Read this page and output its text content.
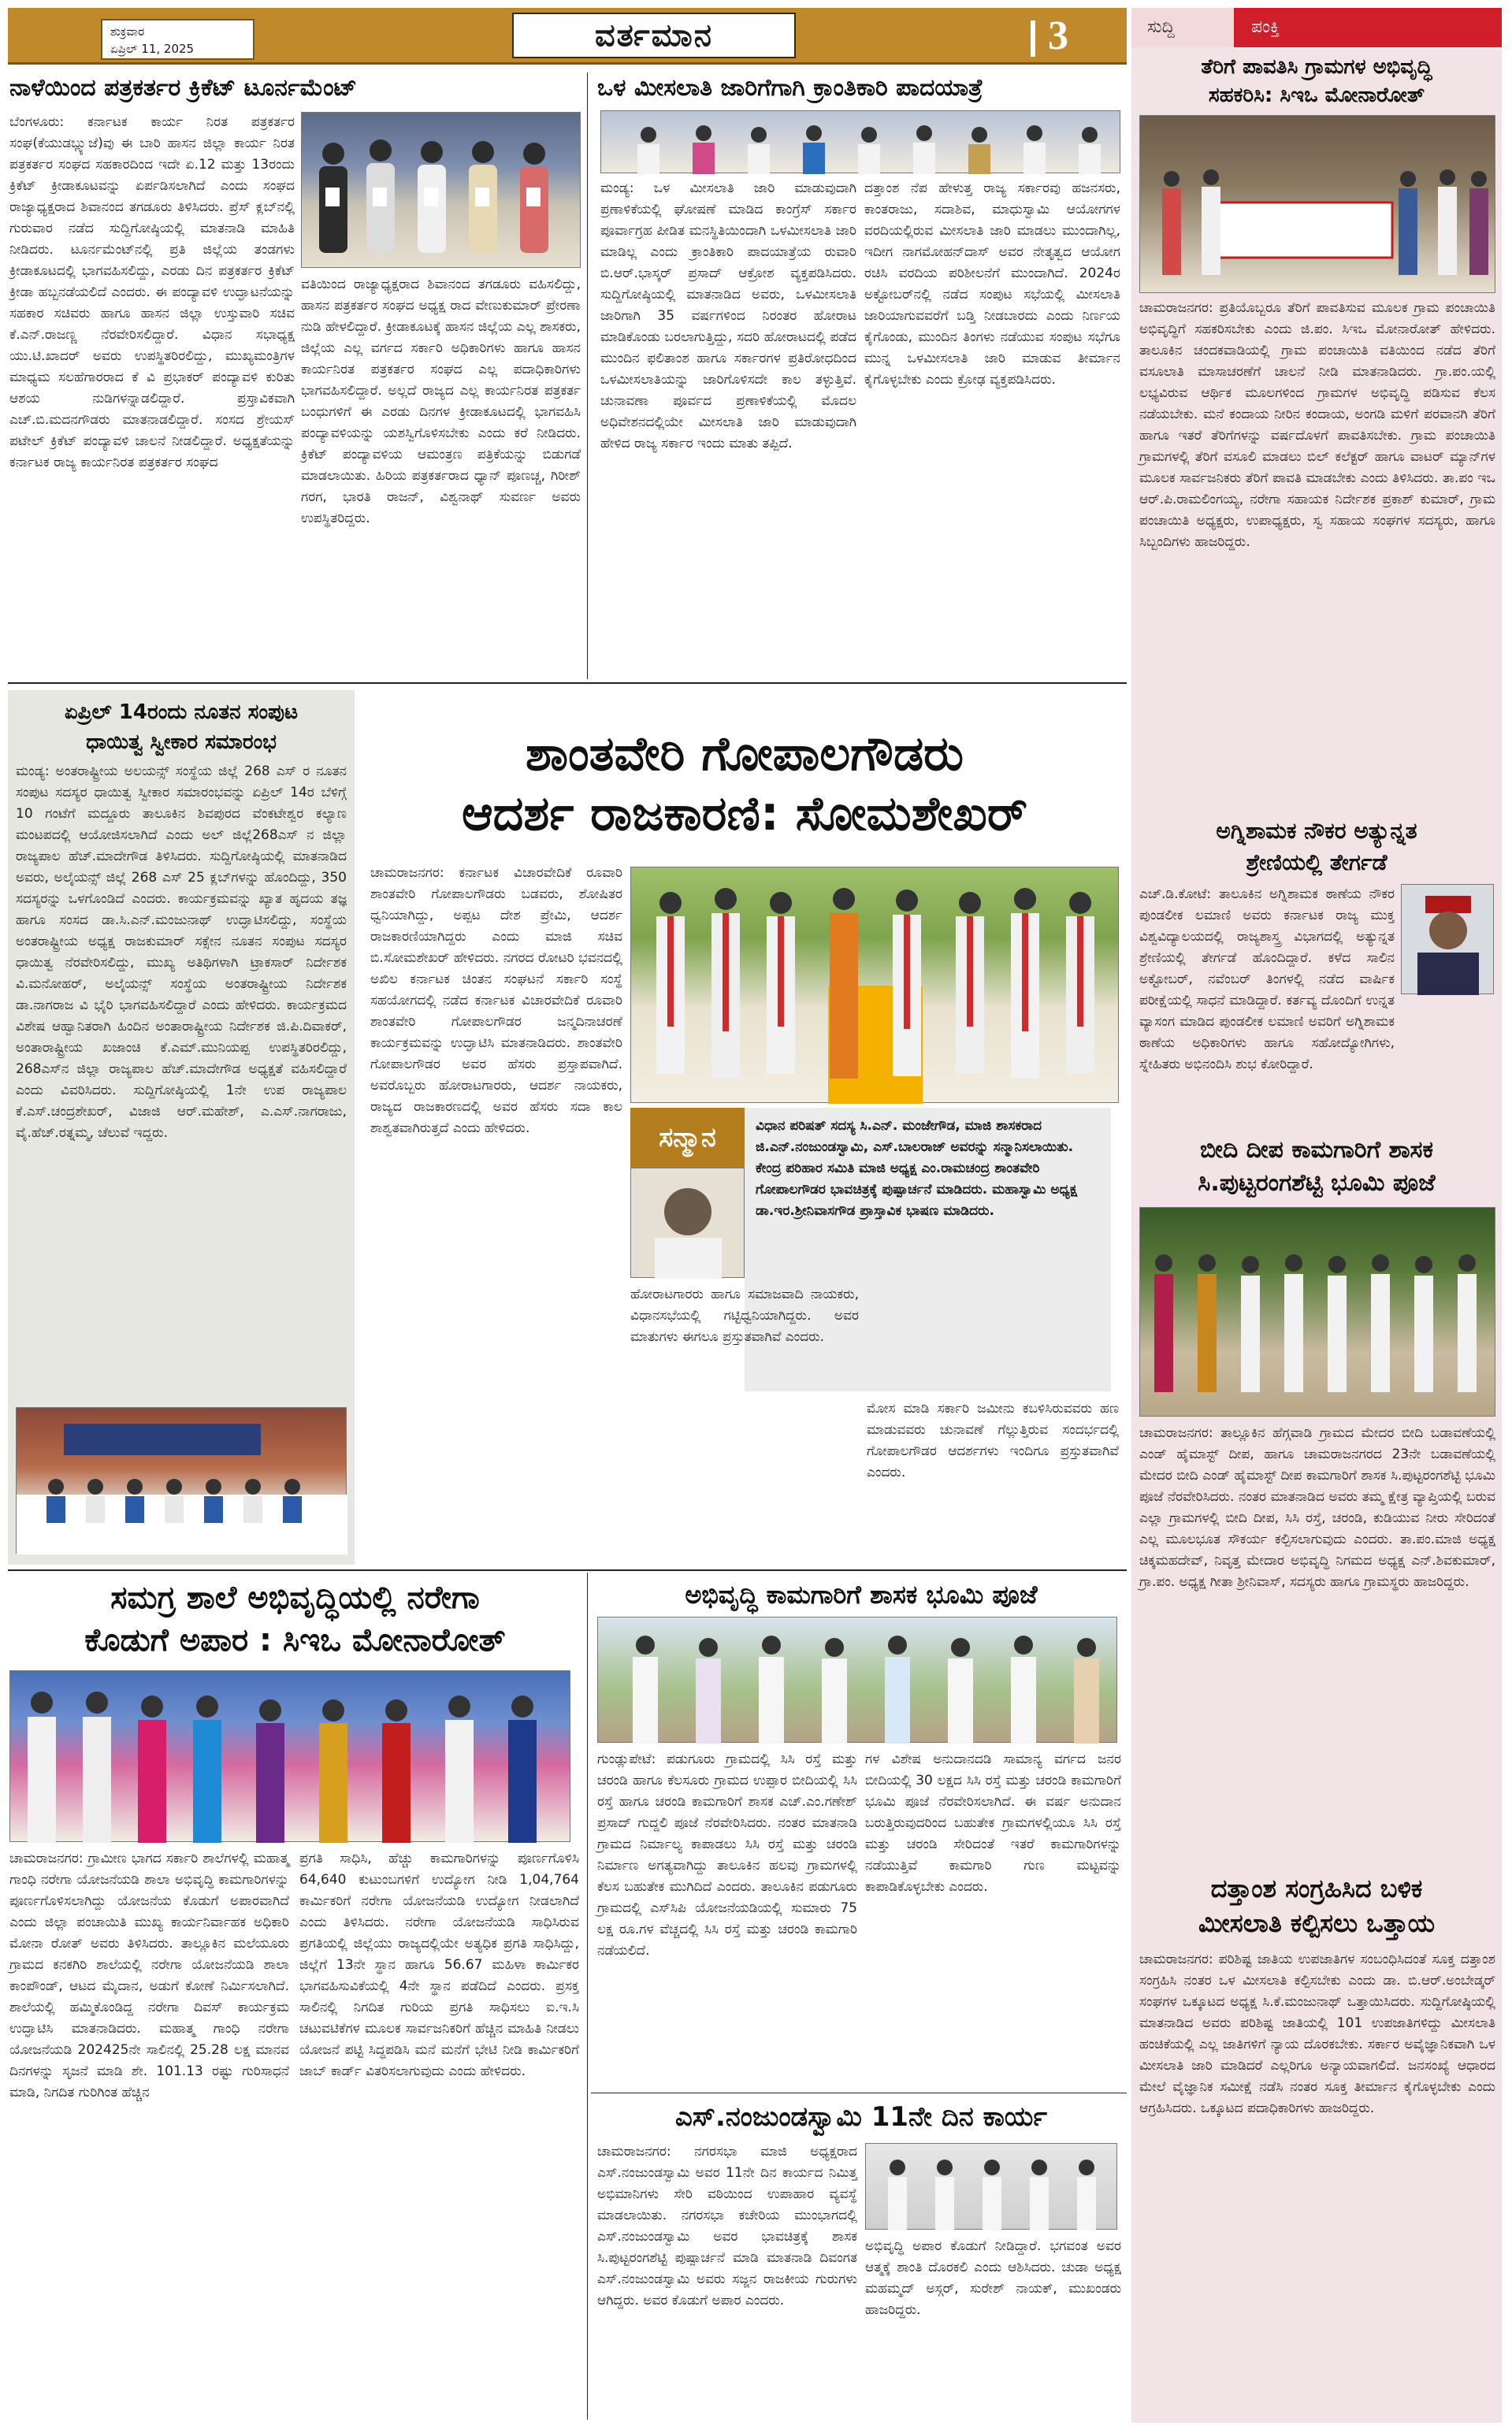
ಶುಕ್ರವಾರ
ಏಪ್ರಿಲ್ 11, 2025	ವರ್ತಮಾನ	3	ಸುದ್ದಿ	ಪಂಕ್ತಿ
ನಾಳೆಯಿಂದ ಪತ್ರಕರ್ತರ ಕ್ರಿಕೆಟ್ ಟೂರ್ನಮೆಂಟ್
ಬೆಂಗಳೂರು: ಕರ್ನಾಟಕ ಕಾರ್ಯ ನಿರತ ಪತ್ರಕರ್ತರ ಸಂಘ(ಕೆಯುಡಬ್ಲ್ಯುಜೆ)ವು ಈ ಬಾರಿ ಹಾಸನ ಜಿಲ್ಲಾ ಕಾರ್ಯ ನಿರತ ಪತ್ರಕರ್ತರ ಸಂಘದ ಸಹಕಾರದಿಂದ ಇದೇ ಏ.12 ಮತ್ತು 13ರಂದು ಕ್ರಿಕೆಟ್ ಕ್ರೀಡಾಕೂಟವನ್ನು ಏರ್ಪಡಿಸಲಾಗಿದೆ ಎಂದು ಸಂಘದ ರಾಜ್ಯಾಧ್ಯಕ್ಷರಾದ ಶಿವಾನಂದ ತಗಡೂರು ತಿಳಿಸಿದರು. ಪ್ರೆಸ್ ಕ್ಲಬ್‌ನಲ್ಲಿ ಗುರುವಾರ ನಡೆದ ಸುದ್ದಿಗೋಷ್ಠಿಯಲ್ಲಿ ಮಾತನಾಡಿ ಮಾಹಿತಿ ನೀಡಿದರು. ಟೂರ್ನಮೆಂಟ್‌ನಲ್ಲಿ ಪ್ರತಿ ಜಿಲ್ಲೆಯ ತಂಡಗಳು ಕ್ರೀಡಾಕೂಟದಲ್ಲಿ ಭಾಗವಹಿಸಲಿದ್ದು, ಎರಡು ದಿನ ಪತ್ರಕರ್ತರ ಕ್ರಿಕೆಟ್ ಕ್ರೀಡಾ ಹಬ್ಬನಡೆಯಲಿದೆ ಎಂದರು. ಈ ಪಂದ್ಯಾವಳಿ ಉದ್ಘಾಟನೆಯನ್ನು ಸಹಕಾರ ಸಚಿವರು ಹಾಗೂ ಹಾಸನ ಜಿಲ್ಲಾ ಉಸ್ತುವಾರಿ ಸಚಿವ ಕೆ.ಎನ್.ರಾಜಣ್ಣ ನೆರವೇರಿಸಲಿದ್ದಾರೆ. ವಿಧಾನ ಸಭಾಧ್ಯಕ್ಷ ಯು.ಟಿ.ಖಾದರ್ ಅವರು ಉಪಸ್ಥಿತರಿರಲಿದ್ದು, ಮುಖ್ಯಮಂತ್ರಿಗಳ ಮಾಧ್ಯಮ ಸಲಹೆಗಾರರಾದ ಕೆ ವಿ ಪ್ರಭಾಕರ್ ಪಂದ್ಯಾವಳಿ ಕುರಿತು ಆಶಯ ನುಡಿಗಳನ್ನಾಡಲಿದ್ದಾರೆ. ಪ್ರಸ್ತಾವಿಕವಾಗಿ ಎಚ್.ಬಿ.ಮದನಗೌಡರು ಮಾತನಾಡಲಿದ್ದಾರೆ. ಸಂಸದ ಶ್ರೇಯಸ್ ಪಟೇಲ್ ಕ್ರಿಕೆಟ್ ಪಂದ್ಯಾವಳಿ ಚಾಲನೆ ನೀಡಲಿದ್ದಾರೆ. ಅಧ್ಯಕ್ಷತೆಯನ್ನು ಕರ್ನಾಟಕ ರಾಜ್ಯ ಕಾರ್ಯನಿರತ ಪತ್ರಕರ್ತರ ಸಂಘದ
ವತಿಯಿಂದ ರಾಜ್ಯಾಧ್ಯಕ್ಷರಾದ ಶಿವಾನಂದ ತಗಡೂರು ವಹಿಸಲಿದ್ದು, ಹಾಸನ ಪತ್ರಕರ್ತರ ಸಂಘದ ಅಧ್ಯಕ್ಷ ರಾದ ವೇಣುಕುಮಾರ್ ಪ್ರೇರಣಾ ನುಡಿ ಹೇಳಲಿದ್ದಾರೆ. ಕ್ರೀಡಾಕೂಟಕ್ಕೆ ಹಾಸನ ಜಿಲ್ಲೆಯ ಎಲ್ಲ ಶಾಸಕರು, ಜಿಲ್ಲೆಯ ಎಲ್ಲ ವರ್ಗದ ಸರ್ಕಾರಿ ಅಧಿಕಾರಿಗಳು ಹಾಗೂ ಹಾಸನ ಕಾರ್ಯನಿರತ ಪತ್ರಕರ್ತರ ಸಂಘದ ಎಲ್ಲ ಪದಾಧಿಕಾರಿಗಳು ಭಾಗವಹಿಸಲಿದ್ದಾರೆ. ಅಲ್ಲದೆ ರಾಜ್ಯದ ಎಲ್ಲ ಕಾರ್ಯನಿರತ ಪತ್ರಕರ್ತ ಬಂಧುಗಳಿಗೆ ಈ ಎರಡು ದಿನಗಳ ಕ್ರೀಡಾಕೂಟದಲ್ಲಿ ಭಾಗವಹಿಸಿ ಪಂದ್ಯಾವಳಿಯನ್ನು ಯಶಸ್ವಿಗೊಳಿಸಬೇಕು ಎಂದು ಕರೆ ನೀಡಿದರು. ಕ್ರಿಕೆಟ್ ಪಂದ್ಯಾವಳಿಯ ಆಮಂತ್ರಣ ಪತ್ರಿಕೆಯನ್ನು ಬಿಡುಗಡೆ ಮಾಡಲಾಯಿತು. ಹಿರಿಯ ಪತ್ರಕರ್ತರಾದ ಧ್ಯಾನ್ ಪೂಣಚ್ಚ, ಗಿರೀಶ್ ಗರಗ, ಭಾರತಿ ರಾಜನ್, ವಿಶ್ವನಾಥ್ ಸುವರ್ಣ ಅವರು ಉಪಸ್ಥಿತರಿದ್ದರು.
ಒಳ ಮೀಸಲಾತಿ ಜಾರಿಗೆಗಾಗಿ ಕ್ರಾಂತಿಕಾರಿ ಪಾದಯಾತ್ರೆ
ಮಂಡ್ಯ: ಒಳ ಮೀಸಲಾತಿ ಜಾರಿ ಮಾಡುವುದಾಗಿ ಪ್ರಣಾಳಿಕೆಯಲ್ಲಿ ಘೋಷಣೆ ಮಾಡಿದ ಕಾಂಗ್ರೆಸ್ ಸರ್ಕಾರ ಪೂರ್ವಾಗ್ರಹ ಪೀಡಿತ ಮನಸ್ಥಿತಿಯಿಂದಾಗಿ ಒಳಮೀಸಲಾತಿ ಜಾರಿ ಮಾಡಿಲ್ಲ ಎಂದು ಕ್ರಾಂತಿಕಾರಿ ಪಾದಯಾತ್ರೆಯ ರುವಾರಿ ಬಿ.ಆರ್.ಭಾಸ್ಕರ್ ಪ್ರಸಾದ್ ಆಕ್ರೋಶ ವ್ಯಕ್ತಪಡಿಸಿದರು. ಸುದ್ದಿಗೋಷ್ಠಿಯಲ್ಲಿ ಮಾತನಾಡಿದ ಅವರು, ಒಳಮೀಸಲಾತಿ ಜಾರಿಗಾಗಿ 35 ವರ್ಷಗಳಿಂದ ನಿರಂತರ ಹೋರಾಟ ಮಾಡಿಕೊಂಡು ಬರಲಾಗುತ್ತಿದ್ದು, ಸದರಿ ಹೋರಾಟದಲ್ಲಿ ಪಡೆದ ಮುಂದಿನ ಫಲಿತಾಂಶ ಹಾಗೂ ಸರ್ಕಾರಗಳ ಪ್ರತಿರೋಧದಿಂದ ಒಳಮೀಸಲಾತಿಯನ್ನು ಜಾರಿಗೊಳಿಸದೇ ಕಾಲ ತಳ್ಳುತ್ತಿವೆ. ಚುನಾವಣಾ ಪೂರ್ವದ ಪ್ರಣಾಳಿಕೆಯಲ್ಲಿ ಮೊದಲ ಅಧಿವೇಶನದಲ್ಲಿಯೇ ಮೀಸಲಾತಿ ಜಾರಿ ಮಾಡುವುದಾಗಿ ಹೇಳಿದ ರಾಜ್ಯ ಸರ್ಕಾರ ಇಂದು ಮಾತು ತಪ್ಪಿದೆ.
ದತ್ತಾಂಶ ನೆಪ ಹೇಳುತ್ತ ರಾಜ್ಯ ಸರ್ಕಾರವು ಹಜನಸರು, ಕಾಂತರಾಜು, ಸದಾಶಿವ, ಮಾಧುಸ್ವಾಮಿ ಆಯೋಗಗಳ ವರದಿಯಲ್ಲಿರುವ ಮೀಸಲಾತಿ ಜಾರಿ ಮಾಡಲು ಮುಂದಾಗಿಲ್ಲ, ಇದೀಗ ನಾಗಮೋಹನ್‌ದಾಸ್ ಅವರ ನೇತೃತ್ವದ ಆಯೋಗ ರಚಿಸಿ ವರದಿಯ ಪರಿಶೀಲನೆಗೆ ಮುಂದಾಗಿದೆ. 2024ರ ಅಕ್ಟೋಬರ್‌ನಲ್ಲಿ ನಡೆದ ಸಂಪುಟ ಸಭೆಯಲ್ಲಿ ಮೀಸಲಾತಿ ಜಾರಿಯಾಗುವವರೆಗೆ ಬಡ್ತಿ ನೀಡಬಾರದು ಎಂದು ನಿರ್ಣಯ ಕೈಗೊಂಡು, ಮುಂದಿನ ತಿಂಗಳು ನಡೆಯುವ ಸಂಪುಟ ಸಭೆಗೂ ಮುನ್ನ ಒಳಮೀಸಲಾತಿ ಜಾರಿ ಮಾಡುವ ತೀರ್ಮಾನ ಕೈಗೊಳ್ಳಬೇಕು ಎಂದು ಕ್ರೋಢ ವ್ಯಕ್ತಪಡಿಸಿದರು.
ಏಪ್ರಿಲ್ 14ರಂದು ನೂತನ ಸಂಪುಟ
ಧಾಯಿತ್ವ ಸ್ವೀಕಾರ ಸಮಾರಂಭ
ಮಂಡ್ಯ: ಅಂತರಾಷ್ಟ್ರೀಯ ಅಲಯನ್ಸ್ ಸಂಸ್ಥೆಯ ಜಿಲ್ಲೆ 268 ಎಸ್ ರ ನೂತನ ಸಂಪುಟ ಸದಸ್ಯರ ಧಾಯಿತ್ವ ಸ್ವೀಕಾರ ಸಮಾರಂಭವನ್ನು ಏಪ್ರಿಲ್ 14ರ ಬೆಳಿಗ್ಗೆ 10 ಗಂಟೆಗೆ ಮದ್ದೂರು ತಾಲೂಕಿನ ಶಿವಪುರದ ವೆಂಕಟೇಶ್ವರ ಕಲ್ಯಾಣ ಮಂಟಪದಲ್ಲಿ ಆಯೋಜಿಸಲಾಗಿದೆ ಎಂದು ಅಲ್ ಜಿಲ್ಲೆ268ಎಸ್ ನ ಜಿಲ್ಲಾ ರಾಜ್ಯಪಾಲ ಹೆಚ್.ಮಾದೇಗೌಡ ತಿಳಿಸಿದರು. ಸುದ್ದಿಗೋಷ್ಠಿಯಲ್ಲಿ ಮಾತನಾಡಿದ ಅವರು, ಅಲೈಯನ್ಸ್ ಜಿಲ್ಲೆ 268 ಎಸ್ 25 ಕ್ಲಬ್‌ಗಳನ್ನು ಹೊಂದಿದ್ದು, 350 ಸದಸ್ಯರನ್ನು ಒಳಗೊಂಡಿದೆ ಎಂದರು. ಕಾರ್ಯಕ್ರಮವನ್ನು ಖ್ಯಾತ ಹೃದಯ ತಜ್ಞ ಹಾಗೂ ಸಂಸದ ಡಾ.ಸಿ.ಎನ್.ಮಂಜುನಾಥ್ ಉದ್ಘಾಟಿಸಲಿದ್ದು, ಸಂಸ್ಥೆಯ ಅಂತರಾಷ್ಟ್ರೀಯ ಅಧ್ಯಕ್ಷ ರಾಜಕುಮಾರ್ ಸಕ್ಸೇನ ನೂತನ ಸಂಪುಟ ಸದಸ್ಯರ ಧಾಯಿತ್ವ ನೆರವೇರಿಸಲಿದ್ದು, ಮುಖ್ಯ ಅತಿಥಿಗಳಾಗಿ ಟ್ರಾಕಸಾರ್ ನಿರ್ದೇಶಕ ವಿ.ಮನೋಹರ್, ಅಲೈಯನ್ಸ್ ಸಂಸ್ಥೆಯ ಅಂತರಾಷ್ಟ್ರೀಯ ನಿರ್ದೇಶಕ ಡಾ.ನಾಗರಾಜ ವಿ ಭೈರಿ ಭಾಗವಹಿಸಲಿದ್ದಾರೆ ಎಂದು ಹೇಳಿದರು. ಕಾರ್ಯಕ್ರಮದ ವಿಶೇಷ ಆಹ್ವಾನಿತರಾಗಿ ಹಿಂದಿನ ಅಂತಾರಾಷ್ಟ್ರೀಯ ನಿರ್ದೇಶಕ ಜಿ.ಪಿ.ದಿವಾಕರ್, ಅಂತಾರಾಷ್ಟ್ರೀಯ ಖಜಾಂಚಿ ಕೆ.ಎಮ್.ಮುನಿಯಪ್ಪ ಉಪಸ್ಥಿತರಿರಲಿದ್ದು, 268ಎಸ್‌ನ ಜಿಲ್ಲಾ ರಾಜ್ಯಪಾಲ ಹೆಚ್.ಮಾದೇಗೌಡ ಅಧ್ಯಕ್ಷತೆ ವಹಿಸಲಿದ್ದಾರೆ ಎಂದು ವಿವರಿಸಿದರು. ಸುದ್ದಿಗೋಷ್ಠಿಯಲ್ಲಿ 1ನೇ ಉಪ ರಾಜ್ಯಪಾಲ ಕೆ.ಎಸ್.ಚಂದ್ರಶೇಖರ್, ವಿಜಾಜಿ ಆರ್.ಮಹೇಶ್, ಎ.ಎಸ್.ನಾಗರಾಜು, ವೈ.ಹೆಚ್.ರತ್ನಮ್ಮ, ಚೆಲುವೆ ಇದ್ದರು.
ಶಾಂತವೇರಿ ಗೋಪಾಲಗೌಡರು
ಆದರ್ಶ ರಾಜಕಾರಣಿ: ಸೋಮಶೇಖರ್
ಚಾಮರಾಜನಗರ: ಕರ್ನಾಟಕ ವಿಚಾರವೇದಿಕೆ ರೂವಾರಿ ಶಾಂತವೇರಿ ಗೋಪಾಲಗೌಡರು ಬಡವರು, ಶೋಷಿತರ ಧ್ವನಿಯಾಗಿದ್ದು, ಅಪ್ಪಟ ದೇಶ ಪ್ರೇಮಿ, ಆದರ್ಶ ರಾಜಕಾರಣಿಯಾಗಿದ್ದರು ಎಂದು ಮಾಜಿ ಸಚಿವ ಬಿ.ಸೋಮಶೇಖರ್ ಹೇಳಿದರು. ನಗರದ ರೋಟರಿ ಭವನದಲ್ಲಿ ಅಖಿಲ ಕರ್ನಾಟಕ ಚಿಂತನ ಸಂಘಟನೆ ಸರ್ಕಾರಿ ಸಂಸ್ಥೆ ಸಹಯೋಗದಲ್ಲಿ ನಡೆದ ಕರ್ನಾಟಕ ವಿಚಾರವೇದಿಕೆ ರೂವಾರಿ ಶಾಂತವೇರಿ ಗೋಪಾಲಗೌಡರ ಜನ್ಮದಿನಾಚರಣೆ ಕಾರ್ಯಕ್ರಮವನ್ನು ಉದ್ಘಾಟಿಸಿ ಮಾತನಾಡಿದರು. ಶಾಂತವೇರಿ ಗೋಪಾಲಗೌಡರ ಅವರ ಹೆಸರು ಪ್ರಸ್ತಾಪವಾಗಿದೆ. ಅವರೊಬ್ಬರು ಹೋರಾಟಗಾರರು, ಆದರ್ಶ ನಾಯಕರು, ರಾಜ್ಯದ ರಾಜಕಾರಣದಲ್ಲಿ ಅವರ ಹೆಸರು ಸದಾ ಕಾಲ ಶಾಶ್ವತವಾಗಿರುತ್ತದೆ ಎಂದು ಹೇಳಿದರು.	ಸನ್ಮಾನ	ವಿಧಾನ ಪರಿಷತ್ ಸದಸ್ಯ ಸಿ.ಎನ್. ಮಂಜೇಗೌಡ, ಮಾಜಿ ಶಾಸಕರಾದ ಜಿ.ಎನ್.ನಂಜುಂಡಸ್ವಾಮಿ, ಎಸ್.ಬಾಲರಾಜ್ ಅವರನ್ನು ಸನ್ಮಾನಿಸಲಾಯಿತು. ಕೇಂದ್ರ ಪರಿಹಾರ ಸಮಿತಿ ಮಾಜಿ ಅಧ್ಯಕ್ಷ ಎಂ.ರಾಮಚಂದ್ರ ಶಾಂತವೇರಿ ಗೋಪಾಲಗೌಡರ ಭಾವಚಿತ್ರಕ್ಕೆ ಪುಷ್ಪಾರ್ಚನೆ ಮಾಡಿದರು. ಮಹಾಸ್ವಾಮಿ ಅಧ್ಯಕ್ಷ ಡಾ.ಇರ.ಶ್ರೀನಿವಾಸಗೌಡ ಪ್ರಾಸ್ತಾವಿಕ ಭಾಷಣ ಮಾಡಿದರು.
ಹೋರಾಟಗಾರರು ಹಾಗೂ ಸಮಾಜವಾದಿ ನಾಯಕರು, ವಿಧಾನಸಭೆಯಲ್ಲಿ ಗಟ್ಟಿಧ್ವನಿಯಾಗಿದ್ದರು. ಅವರ ಮಾತುಗಳು ಈಗಲೂ ಪ್ರಸ್ತುತವಾಗಿವೆ ಎಂದರು.
ಮೋಸ ಮಾಡಿ ಸರ್ಕಾರಿ ಜಮೀನು ಕಬಳಿಸಿರುವವರು ಹಣ ಮಾಡುವವರು ಚುನಾವಣೆ ಗೆಲ್ಲುತ್ತಿರುವ ಸಂದರ್ಭದಲ್ಲಿ ಗೋಪಾಲಗೌಡರ ಆದರ್ಶಗಳು ಇಂದಿಗೂ ಪ್ರಸ್ತುತವಾಗಿವೆ ಎಂದರು.
ಸಮಗ್ರ ಶಾಲೆ ಅಭಿವೃದ್ಧಿಯಲ್ಲಿ ನರೇಗಾ
ಕೊಡುಗೆ ಅಪಾರ : ಸಿಇಒ ಮೋನಾರೋತ್
ಚಾಮರಾಜನಗರ: ಗ್ರಾಮೀಣ ಭಾಗದ ಸರ್ಕಾರಿ ಶಾಲೆಗಳಲ್ಲಿ ಮಹಾತ್ಮ ಗಾಂಧಿ ನರೇಗಾ ಯೋಜನೆಯಡಿ ಶಾಲಾ ಅಭಿವೃದ್ಧಿ ಕಾಮಗಾರಿಗಳನ್ನು ಪೂರ್ಣಗೊಳಿಸಲಾಗಿದ್ದು ಯೋಜನೆಯ ಕೊಡುಗೆ ಅಪಾರವಾಗಿದೆ ಎಂದು ಜಿಲ್ಲಾ ಪಂಚಾಯಿತಿ ಮುಖ್ಯ ಕಾರ್ಯನಿರ್ವಾಹಕ ಅಧಿಕಾರಿ ಮೋನಾ ರೋತ್ ಅವರು ತಿಳಿಸಿದರು. ತಾಲ್ಲೂಕಿನ ಮಲೆಯೂರು ಗ್ರಾಮದ ಕನಕಗಿರಿ ಶಾಲೆಯಲ್ಲಿ ನರೇಗಾ ಯೋಜನೆಯಡಿ ಶಾಲಾ ಕಾಂಪೌಂಡ್, ಆಟದ ಮೈದಾನ, ಅಡುಗೆ ಕೋಣೆ ನಿರ್ಮಿಸಲಾಗಿದೆ. ಶಾಲೆಯಲ್ಲಿ ಹಮ್ಮಿಕೊಂಡಿದ್ದ ನರೇಗಾ ದಿವಸ್ ಕಾರ್ಯಕ್ರಮ ಉದ್ಘಾಟಿಸಿ ಮಾತನಾಡಿದರು. ಮಹಾತ್ಮ ಗಾಂಧಿ ನರೇಗಾ ಯೋಜನೆಯಡಿ 202425ನೇ ಸಾಲಿನಲ್ಲಿ 25.28 ಲಕ್ಷ ಮಾನವ ದಿನಗಳನ್ನು ಸೃಜನೆ ಮಾಡಿ ಶೇ. 101.13 ರಷ್ಟು ಗುರಿಸಾಧನೆ ಮಾಡಿ, ನಿಗದಿತ ಗುರಿಗಿಂತ ಹೆಚ್ಚಿನ
ಪ್ರಗತಿ ಸಾಧಿಸಿ, ಹೆಚ್ಚು ಕಾಮಗಾರಿಗಳನ್ನು ಪೂರ್ಣಗೊಳಿಸಿ 64,640 ಕುಟುಂಬಗಳಿಗೆ ಉದ್ಯೋಗ ನೀಡಿ 1,04,764 ಕಾರ್ಮಿಕರಿಗೆ ನರೇಗಾ ಯೋಜನೆಯಡಿ ಉದ್ಯೋಗ ನೀಡಲಾಗಿದೆ ಎಂದು ತಿಳಿಸಿದರು. ನರೇಗಾ ಯೋಜನೆಯಡಿ ಸಾಧಿಸಿರುವ ಪ್ರಗತಿಯಲ್ಲಿ ಜಿಲ್ಲೆಯು ರಾಜ್ಯದಲ್ಲಿಯೇ ಅತ್ಯಧಿಕ ಪ್ರಗತಿ ಸಾಧಿಸಿದ್ದು, ಜಿಲ್ಲೆಗೆ 13ನೇ ಸ್ಥಾನ ಹಾಗೂ 56.67 ಮಹಿಳಾ ಕಾರ್ಮಿಕರ ಭಾಗವಹಿಸುವಿಕೆಯಲ್ಲಿ 4ನೇ ಸ್ಥಾನ ಪಡೆದಿದೆ ಎಂದರು. ಪ್ರಸಕ್ತ ಸಾಲಿನಲ್ಲಿ ನಿಗದಿತ ಗುರಿಯ ಪ್ರಗತಿ ಸಾಧಿಸಲು ಐ.ಇ.ಸಿ ಚಟುವಟಿಕೆಗಳ ಮೂಲಕ ಸಾರ್ವಜನಿಕರಿಗೆ ಹೆಚ್ಚಿನ ಮಾಹಿತಿ ನೀಡಲು ಯೋಜನೆ ಪಟ್ಟಿ ಸಿದ್ಧಪಡಿಸಿ ಮನೆ ಮನೆಗೆ ಭೇಟಿ ನೀಡಿ ಕಾರ್ಮಿಕರಿಗೆ ಜಾಬ್ ಕಾರ್ಡ್ ವಿತರಿಸಲಾಗುವುದು ಎಂದು ಹೇಳಿದರು.
ಅಭಿವೃದ್ಧಿ ಕಾಮಗಾರಿಗೆ ಶಾಸಕ ಭೂಮಿ ಪೂಜೆ
ಗುಂಡ್ಲುಪೇಟೆ: ಪಡುಗೂರು ಗ್ರಾಮದಲ್ಲಿ ಸಿಸಿ ರಸ್ತೆ ಮತ್ತು ಚರಂಡಿ ಹಾಗೂ ಕೆಲಸೂರು ಗ್ರಾಮದ ಉಪ್ಪಾರ ಬೀದಿಯಲ್ಲಿ ಸಿಸಿ ರಸ್ತೆ ಹಾಗೂ ಚರಂಡಿ ಕಾಮಗಾರಿಗೆ ಶಾಸಕ ಎಚ್.ಎಂ.ಗಣೇಶ್ ಪ್ರಸಾದ್ ಗುದ್ದಲಿ ಪೂಜೆ ನೆರವೇರಿಸಿದರು. ನಂತರ ಮಾತನಾಡಿ ಗ್ರಾಮದ ನಿರ್ಮಾಲ್ಯ ಕಾಪಾಡಲು ಸಿಸಿ ರಸ್ತೆ ಮತ್ತು ಚರಂಡಿ ನಿರ್ಮಾಣ ಅಗತ್ಯವಾಗಿದ್ದು ತಾಲೂಕಿನ ಹಲವು ಗ್ರಾಮಗಳಲ್ಲಿ ಕೆಲಸ ಬಹುತೇಕ ಮುಗಿದಿದೆ ಎಂದರು. ತಾಲೂಕಿನ ಪಡುಗೂರು ಗ್ರಾಮದಲ್ಲಿ ಎಸ್‌ಸಿಪಿ ಯೋಜನೆಯಡಿಯಲ್ಲಿ ಸುಮಾರು 75 ಲಕ್ಷ ರೂ.ಗಳ ವೆಚ್ಚದಲ್ಲಿ ಸಿಸಿ ರಸ್ತೆ ಮತ್ತು ಚರಂಡಿ ಕಾಮಗಾರಿ ನಡೆಯಲಿದೆ.
ಗಳ ವಿಶೇಷ ಅನುದಾನದಡಿ ಸಾಮಾನ್ಯ ವರ್ಗದ ಜನರ ಬೀದಿಯಲ್ಲಿ 30 ಲಕ್ಷದ ಸಿಸಿ ರಸ್ತೆ ಮತ್ತು ಚರಂಡಿ ಕಾಮಗಾರಿಗೆ ಭೂಮಿ ಪೂಜೆ ನೆರವೇರಿಸಲಾಗಿದೆ. ಈ ವರ್ಷ ಅನುದಾನ ಬರುತ್ತಿರುವುದರಿಂದ ಬಹುತೇಕ ಗ್ರಾಮಗಳಲ್ಲಿಯೂ ಸಿಸಿ ರಸ್ತೆ ಮತ್ತು ಚರಂಡಿ ಸೇರಿದಂತೆ ಇತರೆ ಕಾಮಗಾರಿಗಳನ್ನು ನಡೆಯುತ್ತಿವೆ ಕಾಮಗಾರಿ ಗುಣ ಮಟ್ಟವನ್ನು ಕಾಪಾಡಿಕೊಳ್ಳಬೇಕು ಎಂದರು.
ಎಸ್.ನಂಜುಂಡಸ್ವಾಮಿ 11ನೇ ದಿನ ಕಾರ್ಯ
ಚಾಮರಾಜನಗರ: ನಗರಸಭಾ ಮಾಜಿ ಅಧ್ಯಕ್ಷರಾದ ಎಸ್.ನಂಜುಂಡಸ್ವಾಮಿ ಅವರ 11ನೇ ದಿನ ಕಾರ್ಯದ ನಿಮಿತ್ತ ಅಭಿಮಾನಿಗಳು ಸೇರಿ ವಠಿಯಿಂದ ಉಪಾಹಾರ ವ್ಯವಸ್ಥೆ ಮಾಡಲಾಯಿತು. ನಗರಸಭಾ ಕಚೇರಿಯ ಮುಂಭಾಗದಲ್ಲಿ ಎಸ್.ನಂಜುಂಡಸ್ವಾಮಿ ಅವರ ಭಾವಚಿತ್ರಕ್ಕೆ ಶಾಸಕ ಸಿ.ಪುಟ್ಟರಂಗಶೆಟ್ಟಿ ಪುಷ್ಪಾರ್ಚನೆ ಮಾಡಿ ಮಾತನಾಡಿ ದಿವಂಗತ ಎಸ್.ನಂಜುಂಡಸ್ವಾಮಿ ಅವರು ಸಜ್ಜನ ರಾಜಕೀಯ ಗುರುಗಳು ಆಗಿದ್ದರು. ಅವರ ಕೊಡುಗೆ ಅಪಾರ ಎಂದರು.
ಅಭಿವೃದ್ಧಿ ಅಪಾರ ಕೊಡುಗೆ ನೀಡಿದ್ದಾರೆ. ಭಗವಂತ ಅವರ ಆತ್ಮಕ್ಕೆ ಶಾಂತಿ ದೊರಕಲಿ ಎಂದು ಆಶಿಸಿದರು. ಚುಡಾ ಅಧ್ಯಕ್ಷ ಮಹಮ್ಮದ್ ಅಸ್ಗರ್, ಸುರೇಶ್ ನಾಯಕ್, ಮುಖಂಡರು ಹಾಜರಿದ್ದರು.
ತೆರಿಗೆ ಪಾವತಿಸಿ ಗ್ರಾಮಗಳ ಅಭಿವೃದ್ಧಿ
ಸಹಕರಿಸಿ: ಸಿಇಒ ಮೋನಾರೋತ್
ಚಾಮರಾಜನಗರ: ಪ್ರತಿಯೊಬ್ಬರೂ ತೆರಿಗೆ ಪಾವತಿಸುವ ಮೂಲಕ ಗ್ರಾಮ ಪಂಚಾಯಿತಿ ಅಭಿವೃದ್ಧಿಗೆ ಸಹಕರಿಸಬೇಕು ಎಂದು ಜಿ.ಪಂ. ಸಿಇಒ ಮೋನಾರೋತ್ ಹೇಳಿದರು. ತಾಲೂಕಿನ ಚಂದಕವಾಡಿಯಲ್ಲಿ ಗ್ರಾಮ ಪಂಚಾಯಿತಿ ವತಿಯಿಂದ ನಡೆದ ತೆರಿಗೆ ವಸೂಲಾತಿ ಮಾಸಾಚರಣೆಗೆ ಚಾಲನೆ ನೀಡಿ ಮಾತನಾಡಿದರು. ಗ್ರಾ.ಪಂ.ಯಲ್ಲಿ ಲಭ್ಯವಿರುವ ಆರ್ಥಿಕ ಮೂಲಗಳಿಂದ ಗ್ರಾಮಗಳ ಅಭಿವೃದ್ಧಿ ಪಡಿಸುವ ಕೆಲಸ ನಡೆಯಬೇಕು. ಮನೆ ಕಂದಾಯ ನೀರಿನ ಕಂದಾಯ, ಅಂಗಡಿ ಮಳಿಗೆ ಪರವಾನಗಿ ತೆರಿಗೆ ಹಾಗೂ ಇತರೆ ತೆರಿಗೆಗಳನ್ನು ವರ್ಷದೊಳಗೆ ಪಾವತಿಸಬೇಕು. ಗ್ರಾಮ ಪಂಚಾಯಿತಿ ಗ್ರಾಮಗಳಲ್ಲಿ ತೆರಿಗೆ ವಸೂಲಿ ಮಾಡಲು ಬಿಲ್ ಕಲೆಕ್ಟರ್ ಹಾಗೂ ವಾಟರ್ ಮ್ಯಾನ್‌ಗಳ ಮೂಲಕ ಸಾರ್ವಜನಿಕರು ತೆರಿಗೆ ಪಾವತಿ ಮಾಡಬೇಕು ಎಂದು ತಿಳಿಸಿದರು. ತಾ.ಪಂ ಇಒ ಆರ್.ಪಿ.ರಾಮಲಿಂಗಯ್ಯ, ನರೇಗಾ ಸಹಾಯಕ ನಿರ್ದೇಶಕ ಪ್ರಕಾಶ್ ಕುಮಾರ್, ಗ್ರಾಮ ಪಂಚಾಯಿತಿ ಅಧ್ಯಕ್ಷರು, ಉಪಾಧ್ಯಕ್ಷರು, ಸ್ವ ಸಹಾಯ ಸಂಘಗಳ ಸದಸ್ಯರು, ಹಾಗೂ ಸಿಬ್ಬಂದಿಗಳು ಹಾಜರಿದ್ದರು.
ಅಗ್ನಿಶಾಮಕ ನೌಕರ ಅತ್ಯುನ್ನತ
ಶ್ರೇಣಿಯಲ್ಲಿ ತೇರ್ಗಡೆ
ಎಚ್.ಡಿ.ಕೋಟೆ: ತಾಲೂಕಿನ ಅಗ್ನಿಶಾಮಕ ಠಾಣೆಯ ನೌಕರ ಪುಂಡಲೀಕ ಲಮಾಣಿ ಅವರು ಕರ್ನಾಟಕ ರಾಜ್ಯ ಮುಕ್ತ ವಿಶ್ವವಿದ್ಯಾಲಯದಲ್ಲಿ ರಾಜ್ಯಶಾಸ್ತ್ರ ವಿಭಾಗದಲ್ಲಿ ಅತ್ಯುನ್ನತ ಶ್ರೇಣಿಯಲ್ಲಿ ತೇರ್ಗಡೆ ಹೊಂದಿದ್ದಾರೆ. ಕಳೆದ ಸಾಲಿನ ಅಕ್ಟೋಬರ್, ನವೆಂಬರ್ ತಿಂಗಳಲ್ಲಿ ನಡೆದ ವಾರ್ಷಿಕ ಪರೀಕ್ಷೆಯಲ್ಲಿ ಸಾಧನೆ ಮಾಡಿದ್ದಾರೆ. ಕರ್ತವ್ಯ ದೊಂದಿಗೆ ಉನ್ನತ ವ್ಯಾಸಂಗ ಮಾಡಿದ ಪುಂಡಲೀಕ ಲಮಾಣಿ ಅವರಿಗೆ ಅಗ್ನಿಶಾಮಕ ಠಾಣೆಯ ಅಧಿಕಾರಿಗಳು ಹಾಗೂ ಸಹೋದ್ಯೋಗಿಗಳು, ಸ್ನೇಹಿತರು ಅಭಿನಂದಿಸಿ ಶುಭ ಕೋರಿದ್ದಾರೆ.
ಬೀದಿ ದೀಪ ಕಾಮಗಾರಿಗೆ ಶಾಸಕ
ಸಿ.ಪುಟ್ಟರಂಗಶೆಟ್ಟಿ ಭೂಮಿ ಪೂಜೆ
ಚಾಮರಾಜನಗರ: ತಾಲ್ಲೂಕಿನ ಹೆಗ್ಗವಾಡಿ ಗ್ರಾಮದ ಮೇದರ ಬೀದಿ ಬಡಾವಣೆಯಲ್ಲಿ ಎಂಡ್ ಹೈಮಾಸ್ಟ್ ದೀಪ, ಹಾಗೂ ಚಾಮರಾಜನಗರದ 23ನೇ ಬಡಾವಣೆಯಲ್ಲಿ ಮೇದರ ಬೀದಿ ಎಂಡ್ ಹೈಮಾಸ್ಟ್ ದೀಪ ಕಾಮಗಾರಿಗೆ ಶಾಸಕ ಸಿ.ಪುಟ್ಟರಂಗಶೆಟ್ಟಿ ಭೂಮಿ ಪೂಜೆ ನೆರವೇರಿಸಿದರು. ನಂತರ ಮಾತನಾಡಿದ ಅವರು ತಮ್ಮ ಕ್ಷೇತ್ರ ವ್ಯಾಪ್ತಿಯಲ್ಲಿ ಬರುವ ಎಲ್ಲಾ ಗ್ರಾಮಗಳಲ್ಲಿ ಬೀದಿ ದೀಪ, ಸಿಸಿ ರಸ್ತೆ, ಚರಂಡಿ, ಕುಡಿಯುವ ನೀರು ಸೇರಿದಂತೆ ಎಲ್ಲ ಮೂಲಭೂತ ಸೌಕರ್ಯ ಕಲ್ಪಿಸಲಾಗುವುದು ಎಂದರು. ತಾ.ಪಂ.ಮಾಜಿ ಅಧ್ಯಕ್ಷ ಚಿಕ್ಕಮಹದೇವ್, ನಿವೃತ್ತ ಮೇದಾರ ಅಭಿವೃದ್ಧಿ ನಿಗಮದ ಅಧ್ಯಕ್ಷ ಎನ್.ಶಿವಕುಮಾರ್, ಗ್ರಾ.ಪಂ. ಅಧ್ಯಕ್ಷ ಗೀತಾ ಶ್ರೀನಿವಾಸ್, ಸದಸ್ಯರು ಹಾಗೂ ಗ್ರಾಮಸ್ಥರು ಹಾಜರಿದ್ದರು.
ದತ್ತಾಂಶ ಸಂಗ್ರಹಿಸಿದ ಬಳಿಕ
ಮೀಸಲಾತಿ ಕಲ್ಪಿಸಲು ಒತ್ತಾಯ
ಚಾಮರಾಜನಗರ: ಪರಿಶಿಷ್ಟ ಜಾತಿಯ ಉಪಜಾತಿಗಳ ಸಂಬಂಧಿಸಿದಂತೆ ಸೂಕ್ತ ದತ್ತಾಂಶ ಸಂಗ್ರಹಿಸಿ ನಂತರ ಒಳ ಮೀಸಲಾತಿ ಕಲ್ಪಿಸಬೇಕು ಎಂದು ಡಾ. ಬಿ.ಆರ್.ಅಂಬೇಡ್ಕರ್ ಸಂಘಗಳ ಒಕ್ಕೂಟದ ಅಧ್ಯಕ್ಷ ಸಿ.ಕೆ.ಮಂಜುನಾಥ್ ಒತ್ತಾಯಿಸಿದರು. ಸುದ್ದಿಗೋಷ್ಠಿಯಲ್ಲಿ ಮಾತನಾಡಿದ ಅವರು ಪರಿಶಿಷ್ಟ ಜಾತಿಯಲ್ಲಿ 101 ಉಪಜಾತಿಗಳಿದ್ದು ಮೀಸಲಾತಿ ಹಂಚಿಕೆಯಲ್ಲಿ ಎಲ್ಲ ಜಾತಿಗಳಿಗೆ ನ್ಯಾಯ ದೊರಕಬೇಕು. ಸರ್ಕಾರ ಅವೈಜ್ಞಾನಿಕವಾಗಿ ಒಳ ಮೀಸಲಾತಿ ಜಾರಿ ಮಾಡಿದರೆ ಎಲ್ಲರಿಗೂ ಅನ್ಯಾಯವಾಗಲಿದೆ. ಜನಸಂಖ್ಯೆ ಆಧಾರದ ಮೇಲೆ ವೈಜ್ಞಾನಿಕ ಸಮೀಕ್ಷೆ ನಡೆಸಿ ನಂತರ ಸೂಕ್ತ ತೀರ್ಮಾನ ಕೈಗೊಳ್ಳಬೇಕು ಎಂದು ಆಗ್ರಹಿಸಿದರು. ಒಕ್ಕೂಟದ ಪದಾಧಿಕಾರಿಗಳು ಹಾಜರಿದ್ದರು.
